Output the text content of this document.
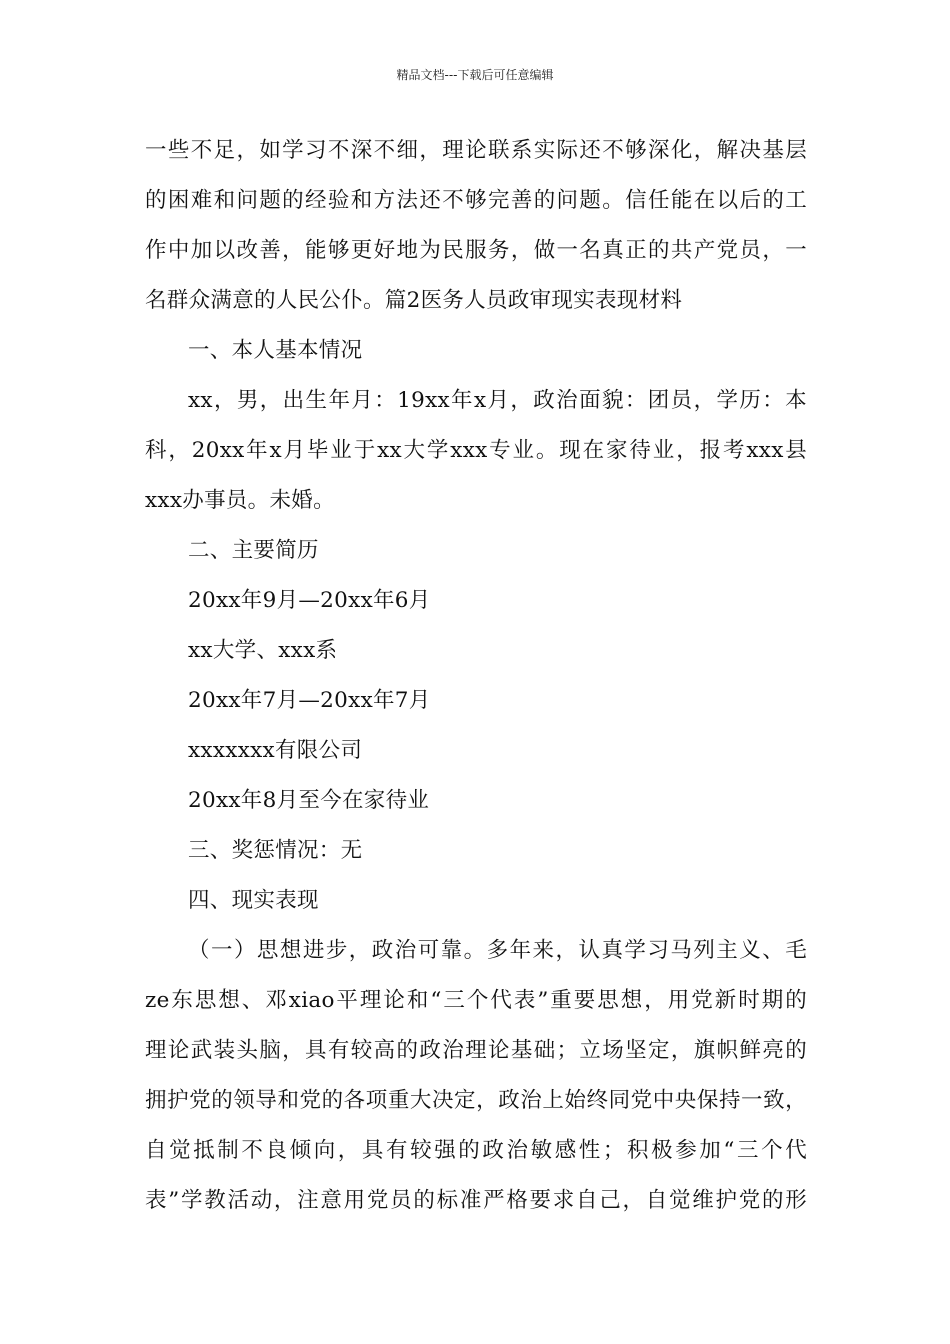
精品文档---下载后可任意编辑
一些不足，如学习不深不细，理论联系实际还不够深化，解决基层
的困难和问题的经验和方法还不够完善的问题。信任能在以后的工
作中加以改善，能够更好地为民服务，做一名真正的共产党员，一
名群众满意的人民公仆。篇2医务人员政审现实表现材料
一、本人基本情况
xx，男，出生年月：19xx年x月，政治面貌：团员，学历：本
科，20xx年x月毕业于xx大学xxx专业。现在家待业，报考xxx县
xxx办事员。未婚。
二、主要简历
20xx年9月—20xx年6月
xx大学、xxx系
20xx年7月—20xx年7月
xxxxxxx有限公司
20xx年8月至今在家待业
三、奖惩情况：无
四、现实表现
（一）思想进步，政治可靠。多年来，认真学习马列主义、毛
ze东思想、邓xiao平理论和“三个代表”重要思想，用党新时期的
理论武装头脑，具有较高的政治理论基础；立场坚定，旗帜鲜亮的
拥护党的领导和党的各项重大决定，政治上始终同党中央保持一致，
自觉抵制不良倾向，具有较强的政治敏感性；积极参加“三个代
表”学教活动，注意用党员的标准严格要求自己，自觉维护党的形
